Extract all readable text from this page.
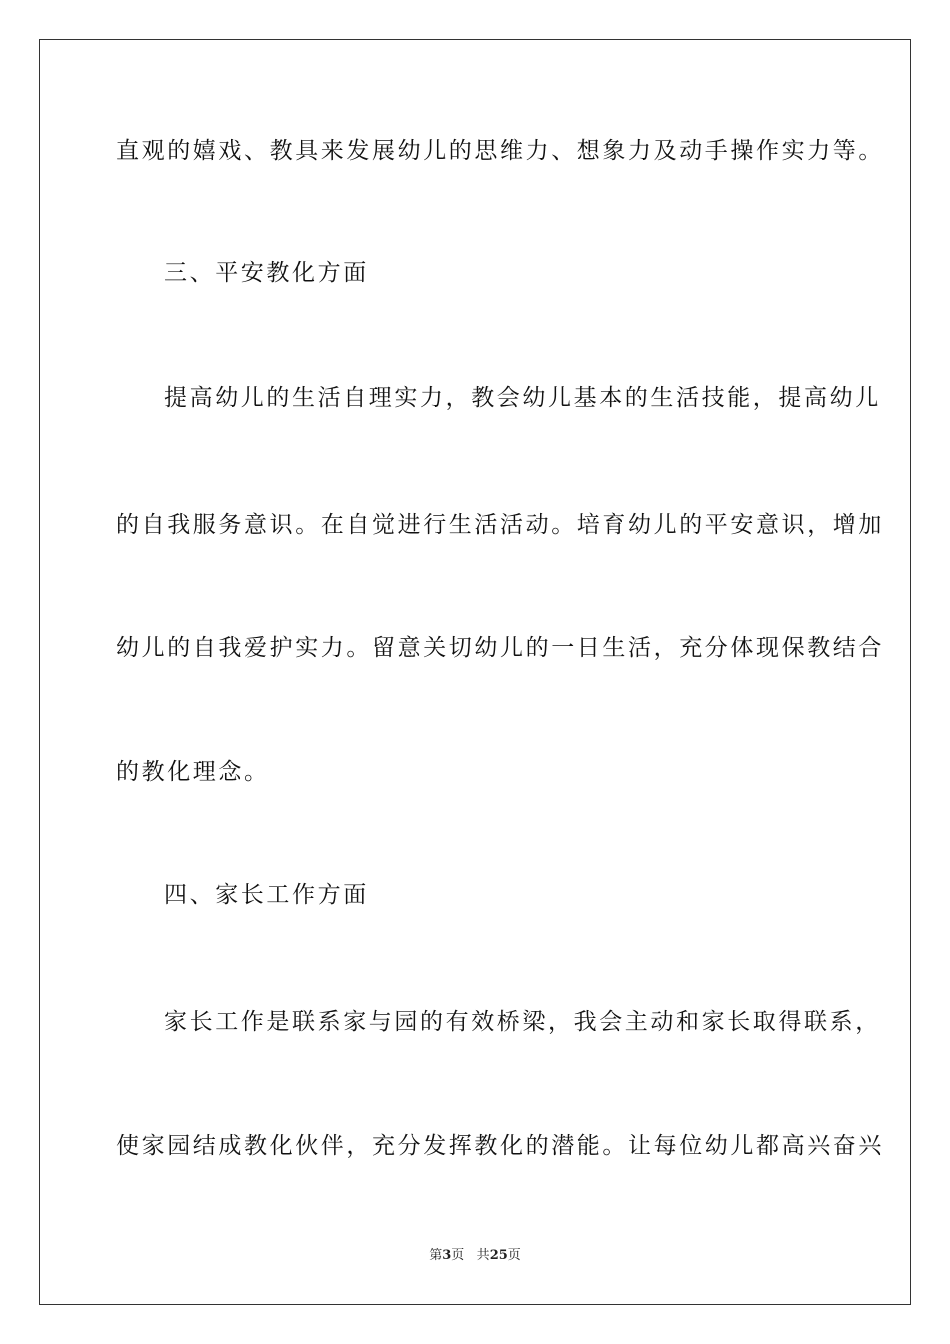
直观的嬉戏、教具来发展幼儿的思维力、想象力及动手操作实力等。
三、平安教化方面
提高幼儿的生活自理实力，教会幼儿基本的生活技能，提高幼儿
的自我服务意识。在自觉进行生活活动。培育幼儿的平安意识，增加
幼儿的自我爱护实力。留意关切幼儿的一日生活，充分体现保教结合
的教化理念。
四、家长工作方面
家长工作是联系家与园的有效桥梁，我会主动和家长取得联系，
使家园结成教化伙伴，充分发挥教化的潜能。让每位幼儿都高兴奋兴
第3页 共25页
